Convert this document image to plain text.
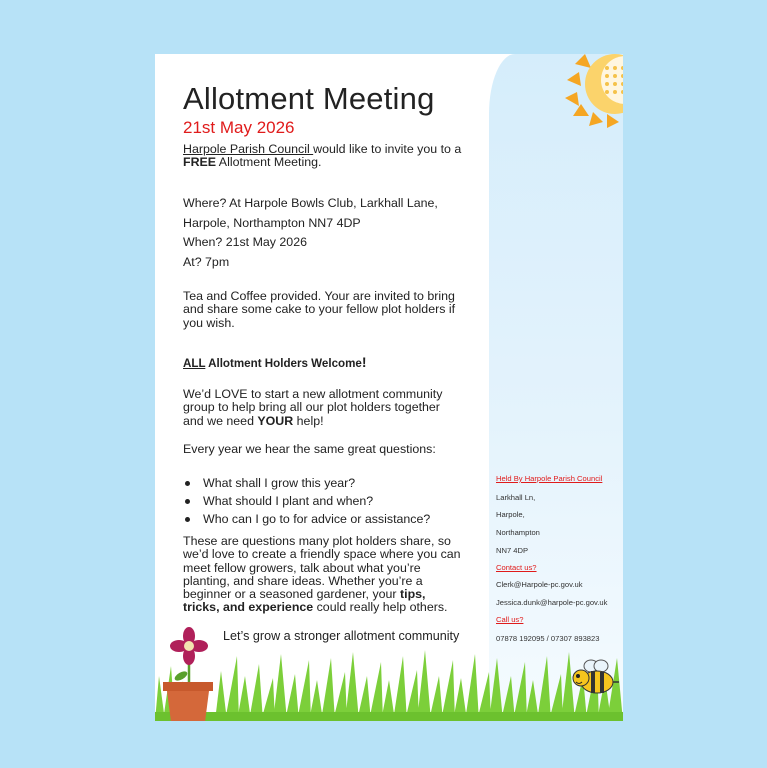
Allotment Meeting
21st May 2026
Harpole Parish Council would like to invite you to a
FREE Allotment Meeting.
Where? At Harpole Bowls Club, Larkhall Lane,
Harpole, Northampton NN7 4DP
When? 21st May 2026
At? 7pm
Tea and Coffee provided. Your are invited to bring and share some cake to your fellow plot holders if you wish.
ALL Allotment Holders Welcome!
We’d LOVE to start a new allotment community group to help bring all our plot holders together and we need YOUR help!
Every year we hear the same great questions:
What shall I grow this year?
What should I plant and when?
Who can I go to for advice or assistance?
These are questions many plot holders share, so we’d love to create a friendly space where you can meet fellow growers, talk about what you’re planting, and share ideas. Whether you’re a beginner or a seasoned gardener, your tips, tricks, and experience could really help others.
Let’s grow a stronger allotment community
Held By Harpole Parish Council
Larkhall Ln,
Harpole,
Northampton
NN7 4DP
Contact us?
Clerk@Harpole-pc.gov.uk
Jessica.dunk@harpole-pc.gov.uk
Call us?
07878 192095 / 07307 893823
